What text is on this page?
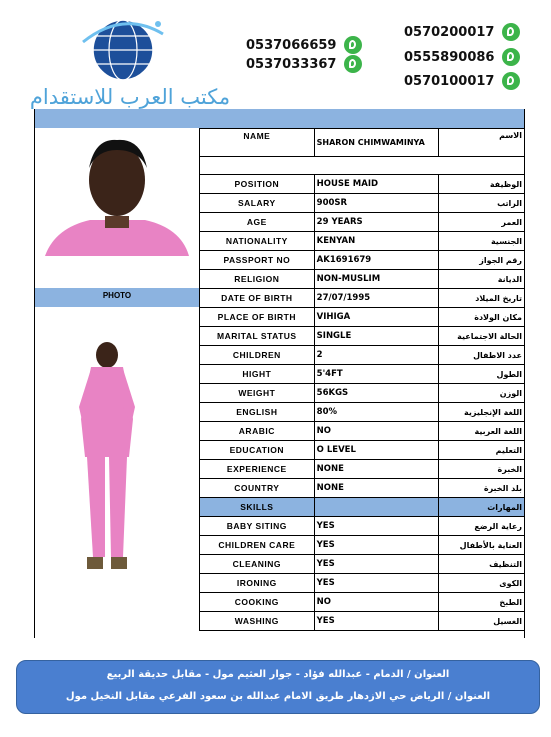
مكتب العرب للاستقدام
0537066659
0537033367
0570200017
0555890086
0570100017
PHOTO
NAME	SHARON CHIMWAMINYA	الاسم

POSITION	HOUSE MAID	الوظيفة
SALARY	900SR	الراتب
AGE	29 YEARS	العمر
NATIONALITY	KENYAN	الجنسية
PASSPORT NO	AK1691679	رقم الجواز
RELIGION	NON-MUSLIM	الديانة
DATE OF BIRTH	27/07/1995	تاريخ الميلاد
PLACE OF BIRTH	VIHIGA	مكان الولادة
MARITAL STATUS	SINGLE	الحالة الاجتماعية
CHILDREN	2	عدد الاطفال
HIGHT	5'4FT	الطول
WEIGHT	56KGS	الوزن
ENGLISH	80%	اللغة الإنجليزية
ARABIC	NO	اللغة العربية
EDUCATION	O LEVEL	التعليم
EXPERIENCE	NONE	الخبرة
COUNTRY	NONE	بلد الخبرة
SKILLS		المهارات
BABY SITING	YES	رعاية الرضع
CHILDREN CARE	YES	العناية بالأطفال
CLEANING	YES	التنظيف
IRONING	YES	الكوى
COOKING	NO	الطبخ
WASHING	YES	الغسيل
العنوان / الدمام - عبدالله فؤاد - جوار العثيم مول - مقابل حديقة الربيع
العنوان / الرياض حي الازدهار طريق الامام عبدالله بن سعود الفرعي مقابل النخيل مول
